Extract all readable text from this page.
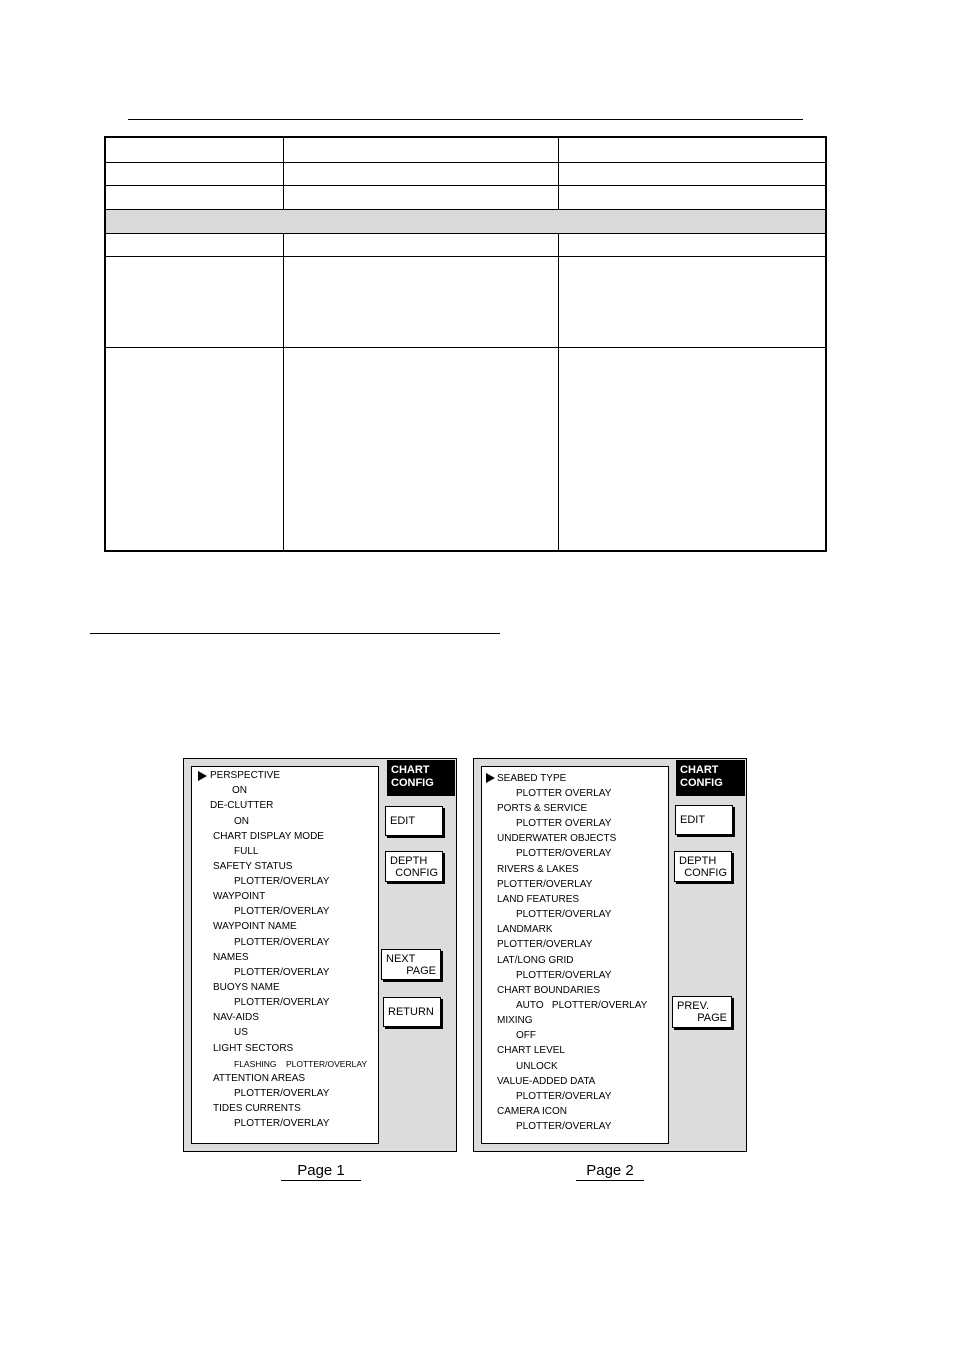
PERSPECTIVE
ON
DE-CLUTTER
ON
CHART DISPLAY MODE
FULL
SAFETY STATUS
PLOTTER/OVERLAY
WAYPOINT
PLOTTER/OVERLAY
WAYPOINT NAME
PLOTTER/OVERLAY
NAMES
PLOTTER/OVERLAY
BUOYS NAME
PLOTTER/OVERLAY
NAV-AIDS
US
LIGHT SECTORS
FLASHING    PLOTTER/OVERLAY
ATTENTION AREAS
PLOTTER/OVERLAY
TIDES CURRENTS
PLOTTER/OVERLAY
CHART
CONFIG
EDIT
DEPTH
CONFIG
NEXT
PAGE
RETURN
SEABED TYPE
PLOTTER OVERLAY
PORTS & SERVICE
PLOTTER OVERLAY
UNDERWATER OBJECTS
PLOTTER/OVERLAY
RIVERS & LAKES
PLOTTER/OVERLAY
LAND FEATURES
PLOTTER/OVERLAY
LANDMARK
PLOTTER/OVERLAY
LAT/LONG GRID
PLOTTER/OVERLAY
CHART BOUNDARIES
AUTO   PLOTTER/OVERLAY
MIXING
OFF
CHART LEVEL
UNLOCK
VALUE-ADDED DATA
PLOTTER/OVERLAY
CAMERA ICON
PLOTTER/OVERLAY
CHART
CONFIG
EDIT
DEPTH
CONFIG
PREV.
PAGE
Page 1	Page 2
